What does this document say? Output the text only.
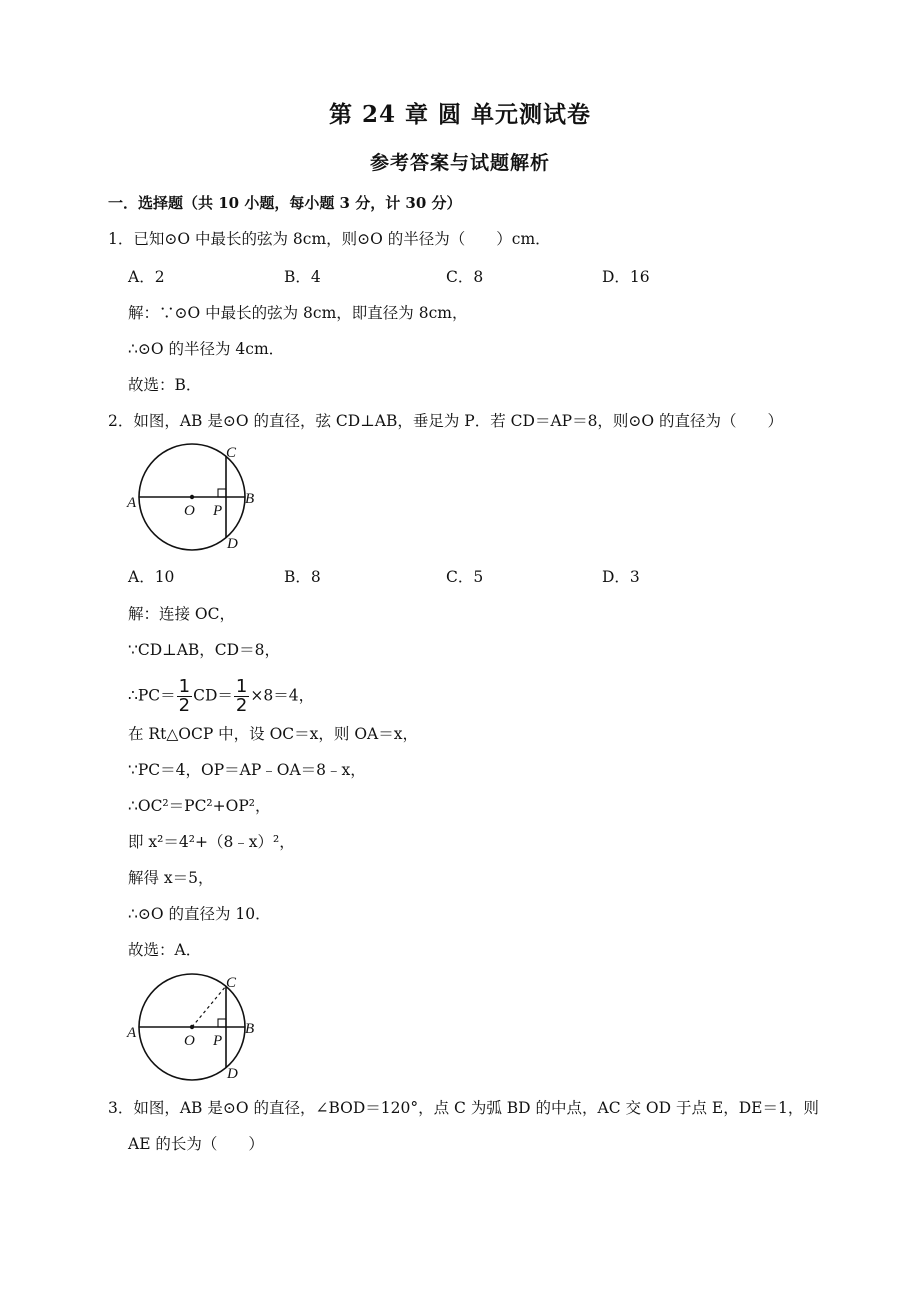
第 24 章 圆 单元测试卷
参考答案与试题解析
一．选择题（共 10 小题，每小题 3 分，计 30 分）
1．已知⊙O 中最长的弦为 8cm，则⊙O 的半径为（　　）cm．
A．2	B．4	C．8	D．16
解：∵⊙O 中最长的弦为 8cm，即直径为 8cm，
∴⊙O 的半径为 4cm．
故选：B．
2．如图，AB 是⊙O 的直径，弦 CD⊥AB，垂足为 P．若 CD＝AP＝8，则⊙O 的直径为（　　）
A	B
C
D
O P
A．10	B．8	C．5	D．3
解：连接 OC，
∵CD⊥AB，CD＝8，
∴PC＝ $\frac{1}{2} CD= \frac{1}{2} \times 8=4$，
在 Rt△OCP 中，设 OC＝x，则 OA＝x，
∵PC＝4，OP＝AP﹣OA＝8﹣x，
∴OC²＝PC²+OP²，
即 x²＝4²+（8﹣x）²，
解得 x＝5，
∴⊙O 的直径为 10．
故选：A．
A	B
C
D
O P
3．如图，AB 是⊙O 的直径，∠BOD＝120°，点 C 为弧 BD 的中点，AC 交 OD 于点 E，DE＝1，则
AE 的长为（　　）
